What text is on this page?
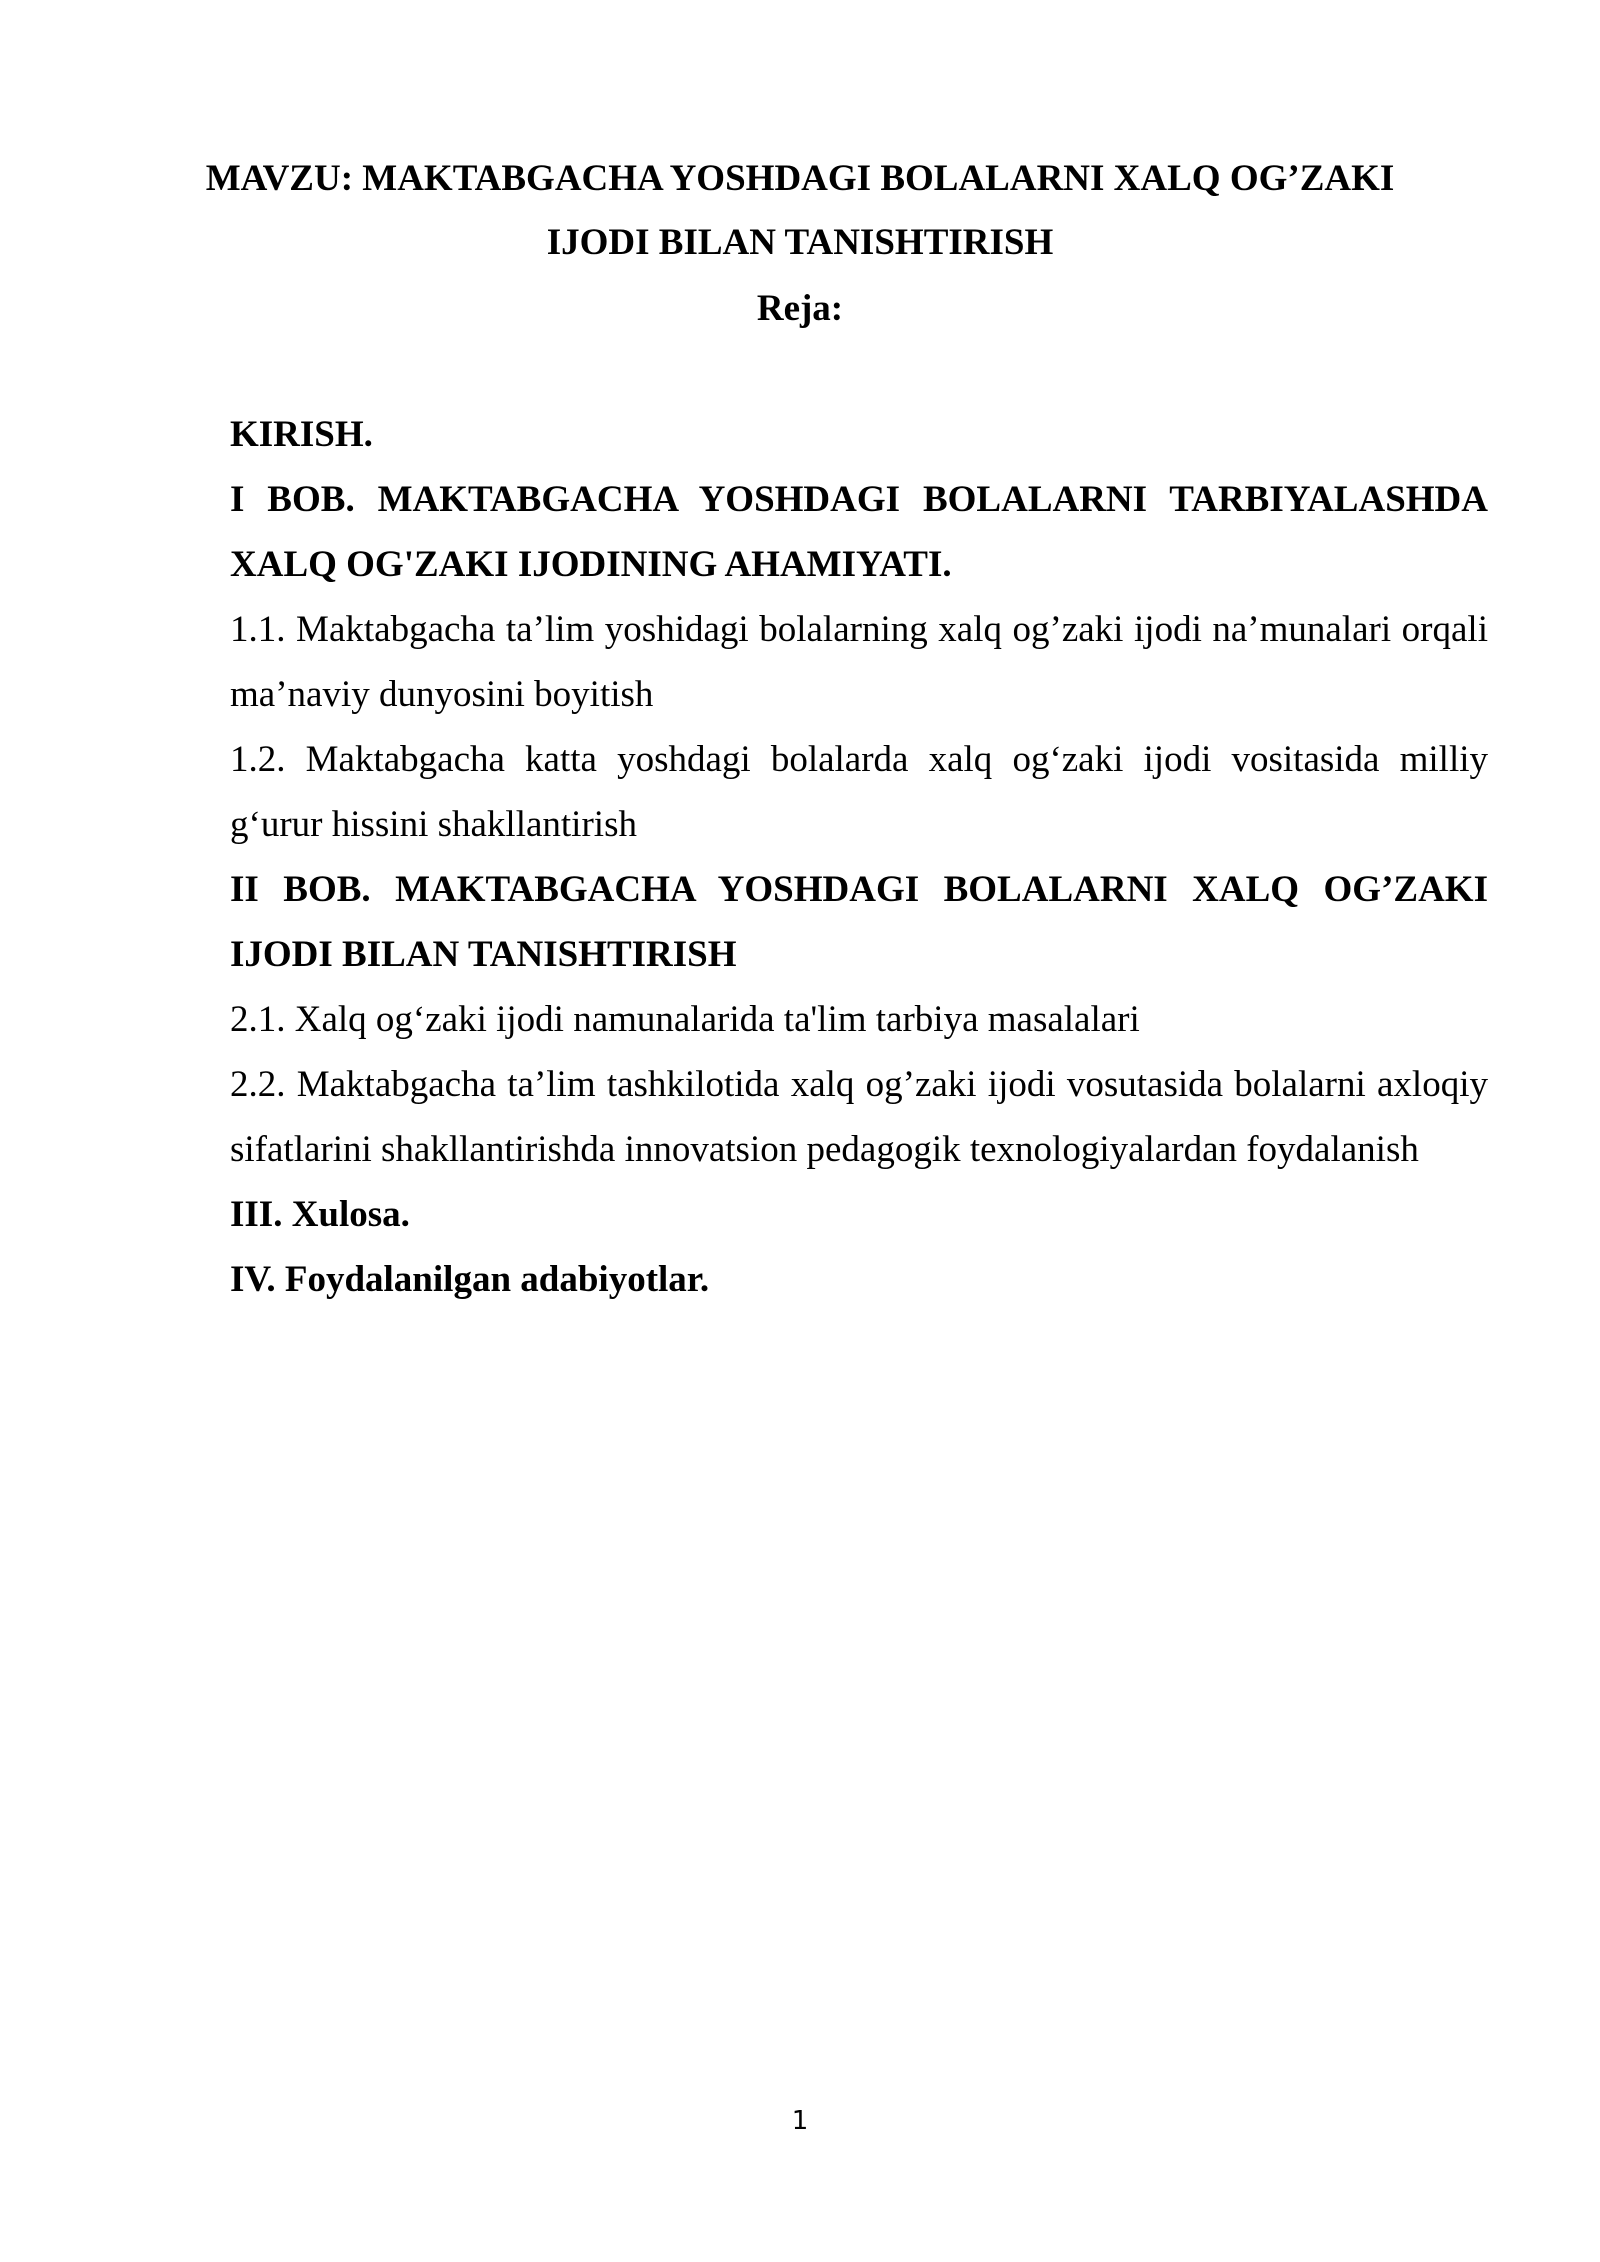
MAVZU: MAKTABGACHA YOSHDAGI BOLALARNI XALQ OG’ZAKI
IJODI BILAN TANISHTIRISH
Reja:

KIRISH.

I BOB. MAKTABGACHA YOSHDAGI BOLALARNI TARBIYALASHDA XALQ OG'ZAKI IJODINING AHAMIYATI.

1.1. Maktabgacha ta’lim yoshidagi bolalarning xalq og’zaki ijodi na’munalari orqali ma’naviy dunyosini boyitish

1.2. Maktabgacha katta yoshdagi bolalarda xalq og‘zaki ijodi vositasida milliy g‘urur hissini shakllantirish

II BOB. MAKTABGACHA YOSHDAGI BOLALARNI XALQ OG’ZAKI IJODI BILAN TANISHTIRISH

2.1. Xalq og‘zaki ijodi namunalarida ta'lim tarbiya masalalari

2.2. Maktabgacha ta’lim tashkilotida xalq og’zaki ijodi vosutasida bolalarni axloqiy sifatlarini shakllantirishda innovatsion pedagogik texnologiyalardan foydalanish

III. Xulosa.

IV. Foydalanilgan adabiyotlar.

1
